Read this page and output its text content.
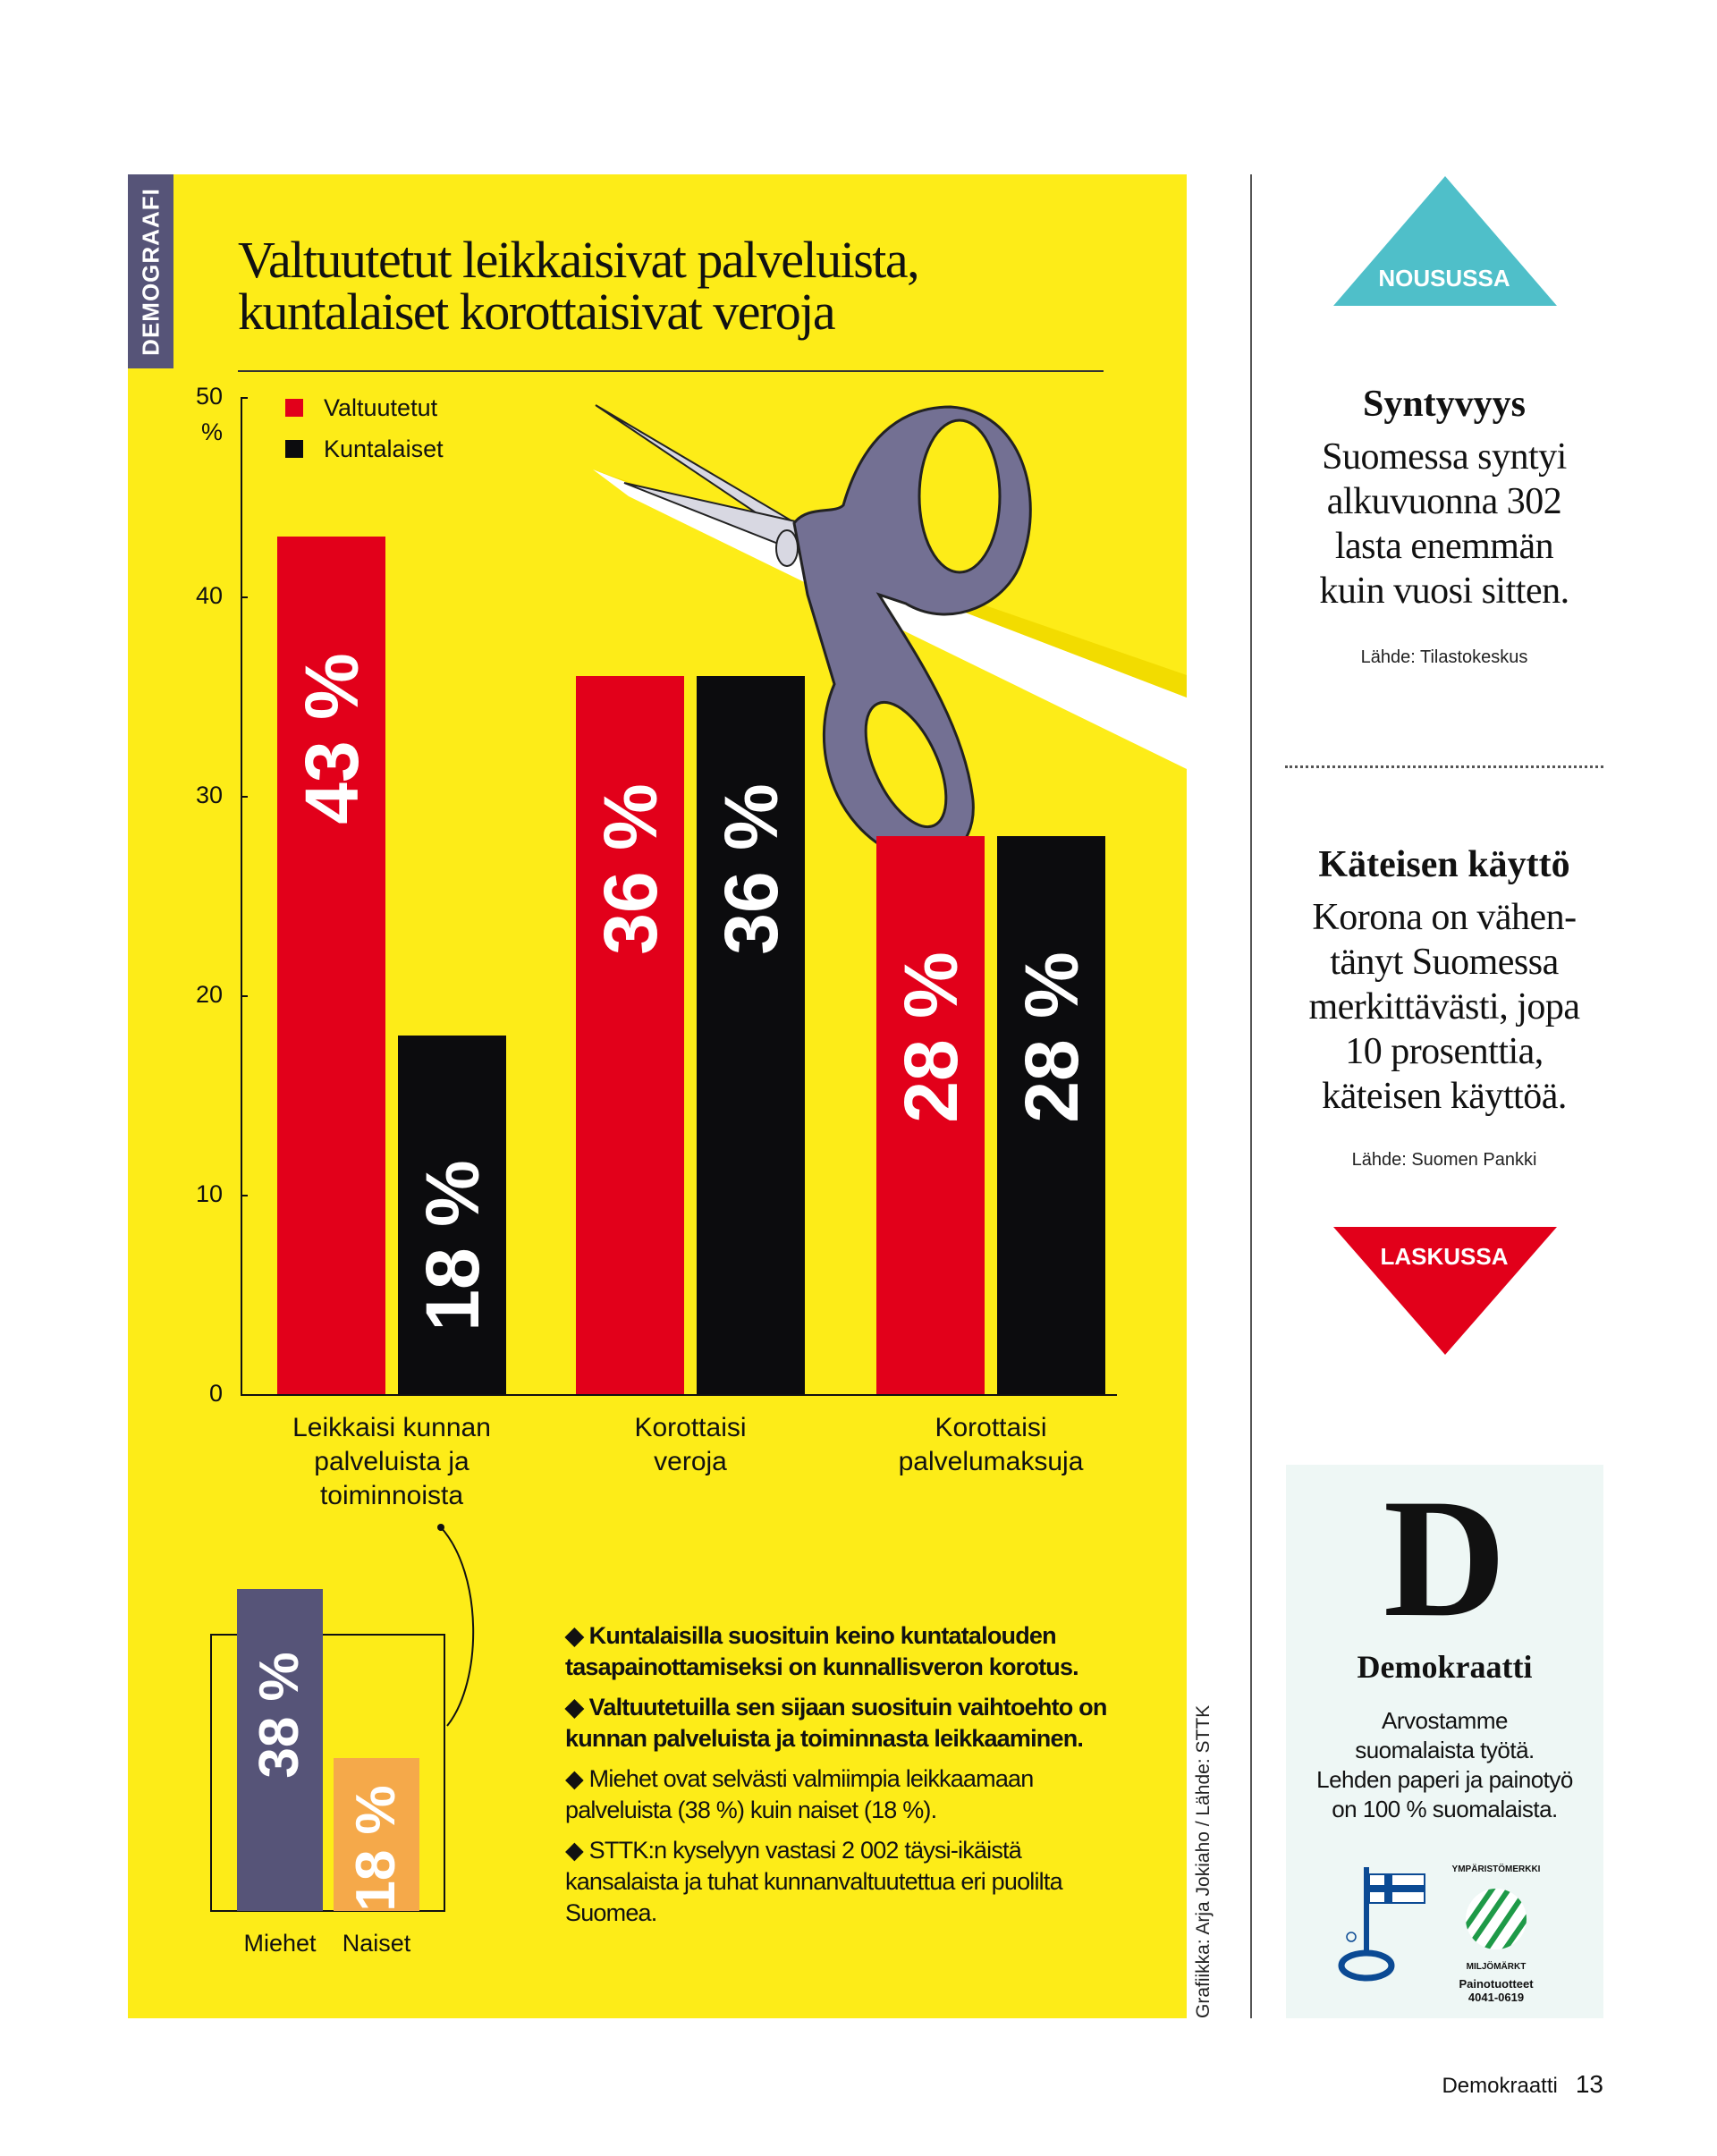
DEMOGRAAFI Valtuutetut leikkaisivat palveluista,
kuntalaiset korottaisivat veroja
0
10
20
30
40
50
43 %
18 %
Leikkaisi kunnan
palveluista ja
toiminnoista
36 % 36 %
Korottaisi
veroja
28 % 28 %
Korottaisi
palvelumaksuja
Valtuutetut
Kuntalaiset
%
38 %
Miehet
18 %
Naiset

◆ Kuntalaisilla suosituin keino kuntatalouden tasapainottamiseksi on kunnallisveron korotus.

◆ Valtuutetuilla sen sijaan suosituin vaihtoehto on kunnan palveluista ja toiminnasta leikkaaminen.

◆ Miehet ovat selvästi valmiimpia leikkaamaan palveluista (38 %) kuin naiset (18 %).

◆ STTK:n kyselyyn vastasi 2 002 täysi-ikäistä kansalaista ja tuhat kunnanvaltuutettua eri puolilta Suomea.	Grafiikka: Arja Jokiaho / Lähde: STTK
NOUSUSSA
Syntyvyys
Suomessa syntyi
alkuvuonna 302
lasta enemmän
kuin vuosi sitten.
Lähde: Tilastokeskus
Käteisen käyttö
Korona on vähen-
tänyt Suomessa
merkittävästi, jopa
10 prosenttia,
käteisen käyttöä.
Lähde: Suomen Pankki
LASKUSSA
D
Demokraatti
Arvostamme
suomalaista työtä.
Lehden paperi ja painotyö
on 100 % suomalaista.
YMPÄRISTÖMERKKI
MILJÖMÄRKT
Painotuotteet
4041-0619
Demokraatti 13
